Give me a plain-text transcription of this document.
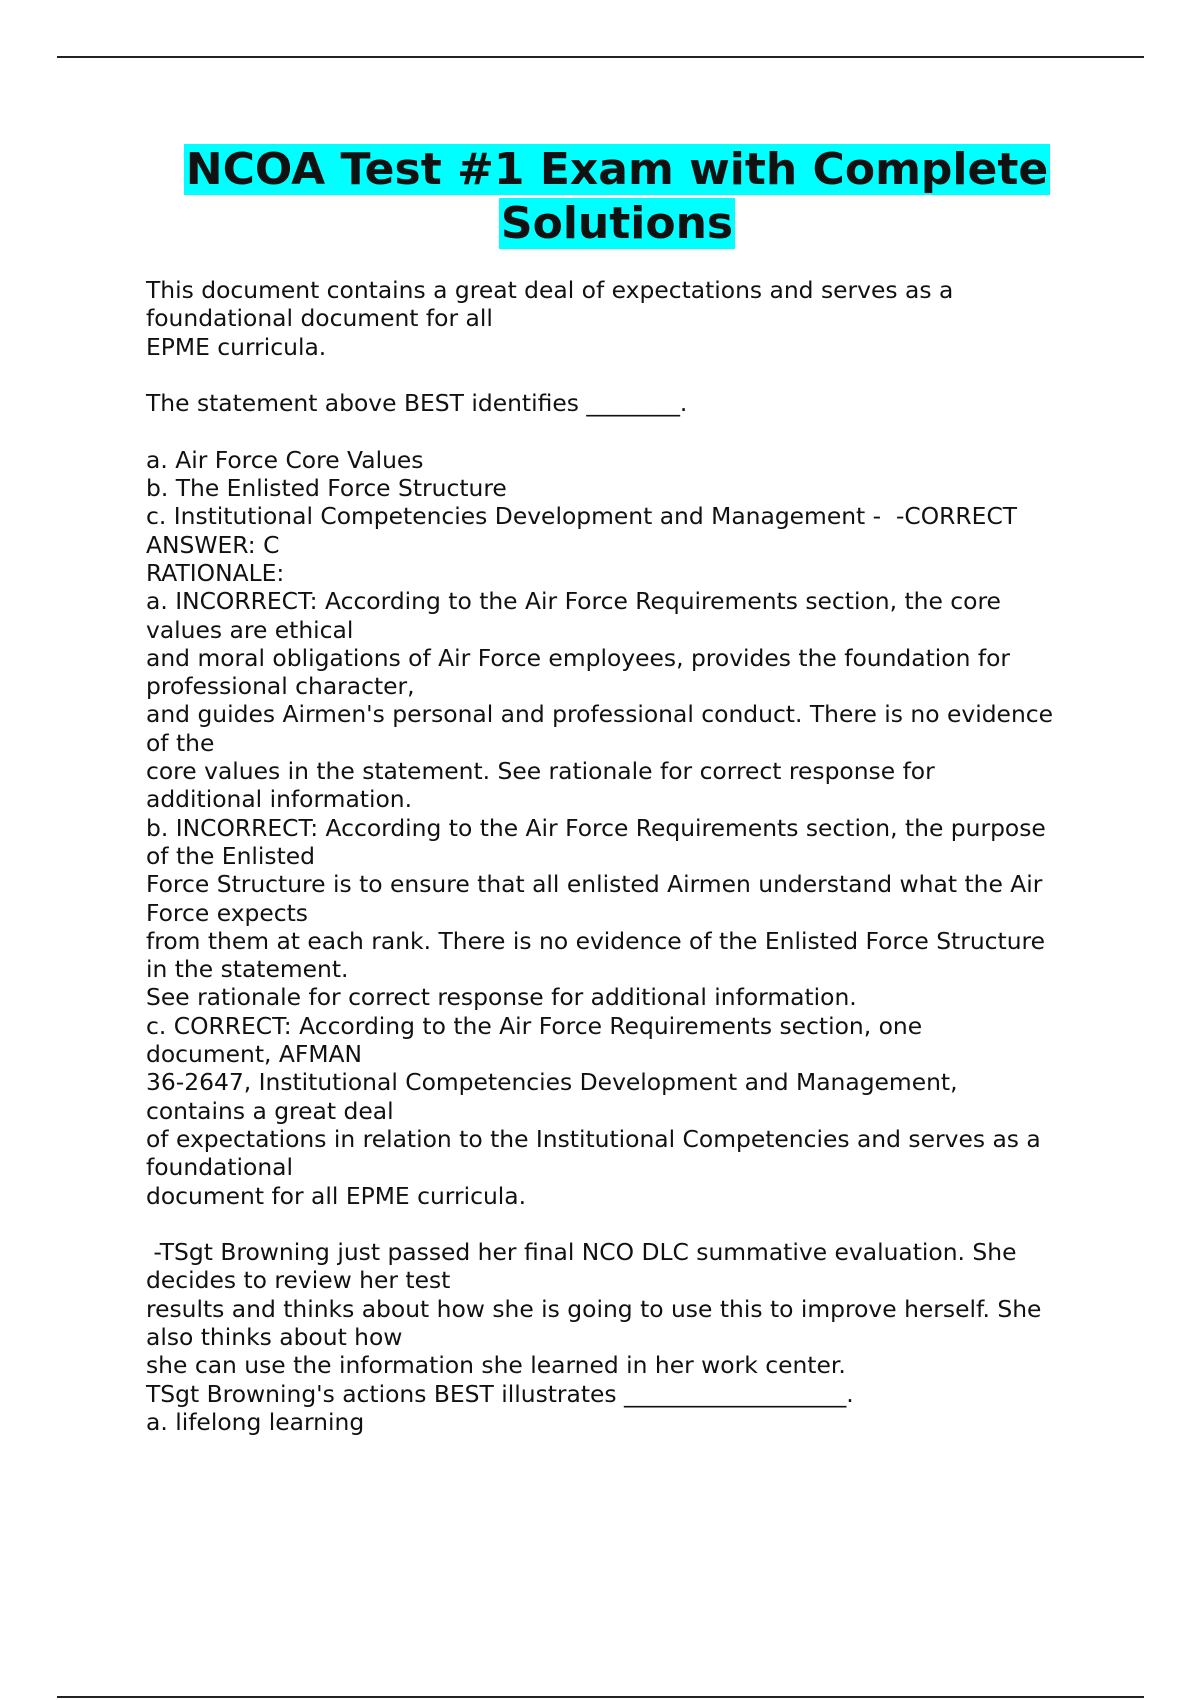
NCOA Test #1 Exam with Complete
Solutions
This document contains a great deal of expectations and serves as a
foundational document for all
EPME curricula.
The statement above BEST identifies ________.
a. Air Force Core Values
b. The Enlisted Force Structure
c. Institutional Competencies Development and Management -  -CORRECT
ANSWER: C
RATIONALE:
a. INCORRECT: According to the Air Force Requirements section, the core
values are ethical
and moral obligations of Air Force employees, provides the foundation for
professional character,
and guides Airmen's personal and professional conduct. There is no evidence
of the
core values in the statement. See rationale for correct response for
additional information.
b. INCORRECT: According to the Air Force Requirements section, the purpose
of the Enlisted
Force Structure is to ensure that all enlisted Airmen understand what the Air
Force expects
from them at each rank. There is no evidence of the Enlisted Force Structure
in the statement.
See rationale for correct response for additional information.
c. CORRECT: According to the Air Force Requirements section, one
document, AFMAN
36-2647, Institutional Competencies Development and Management,
contains a great deal
of expectations in relation to the Institutional Competencies and serves as a
foundational
document for all EPME curricula.
-TSgt Browning just passed her final NCO DLC summative evaluation. She
decides to review her test
results and thinks about how she is going to use this to improve herself. She
also thinks about how
she can use the information she learned in her work center.
TSgt Browning's actions BEST illustrates ___________________.
a. lifelong learning
